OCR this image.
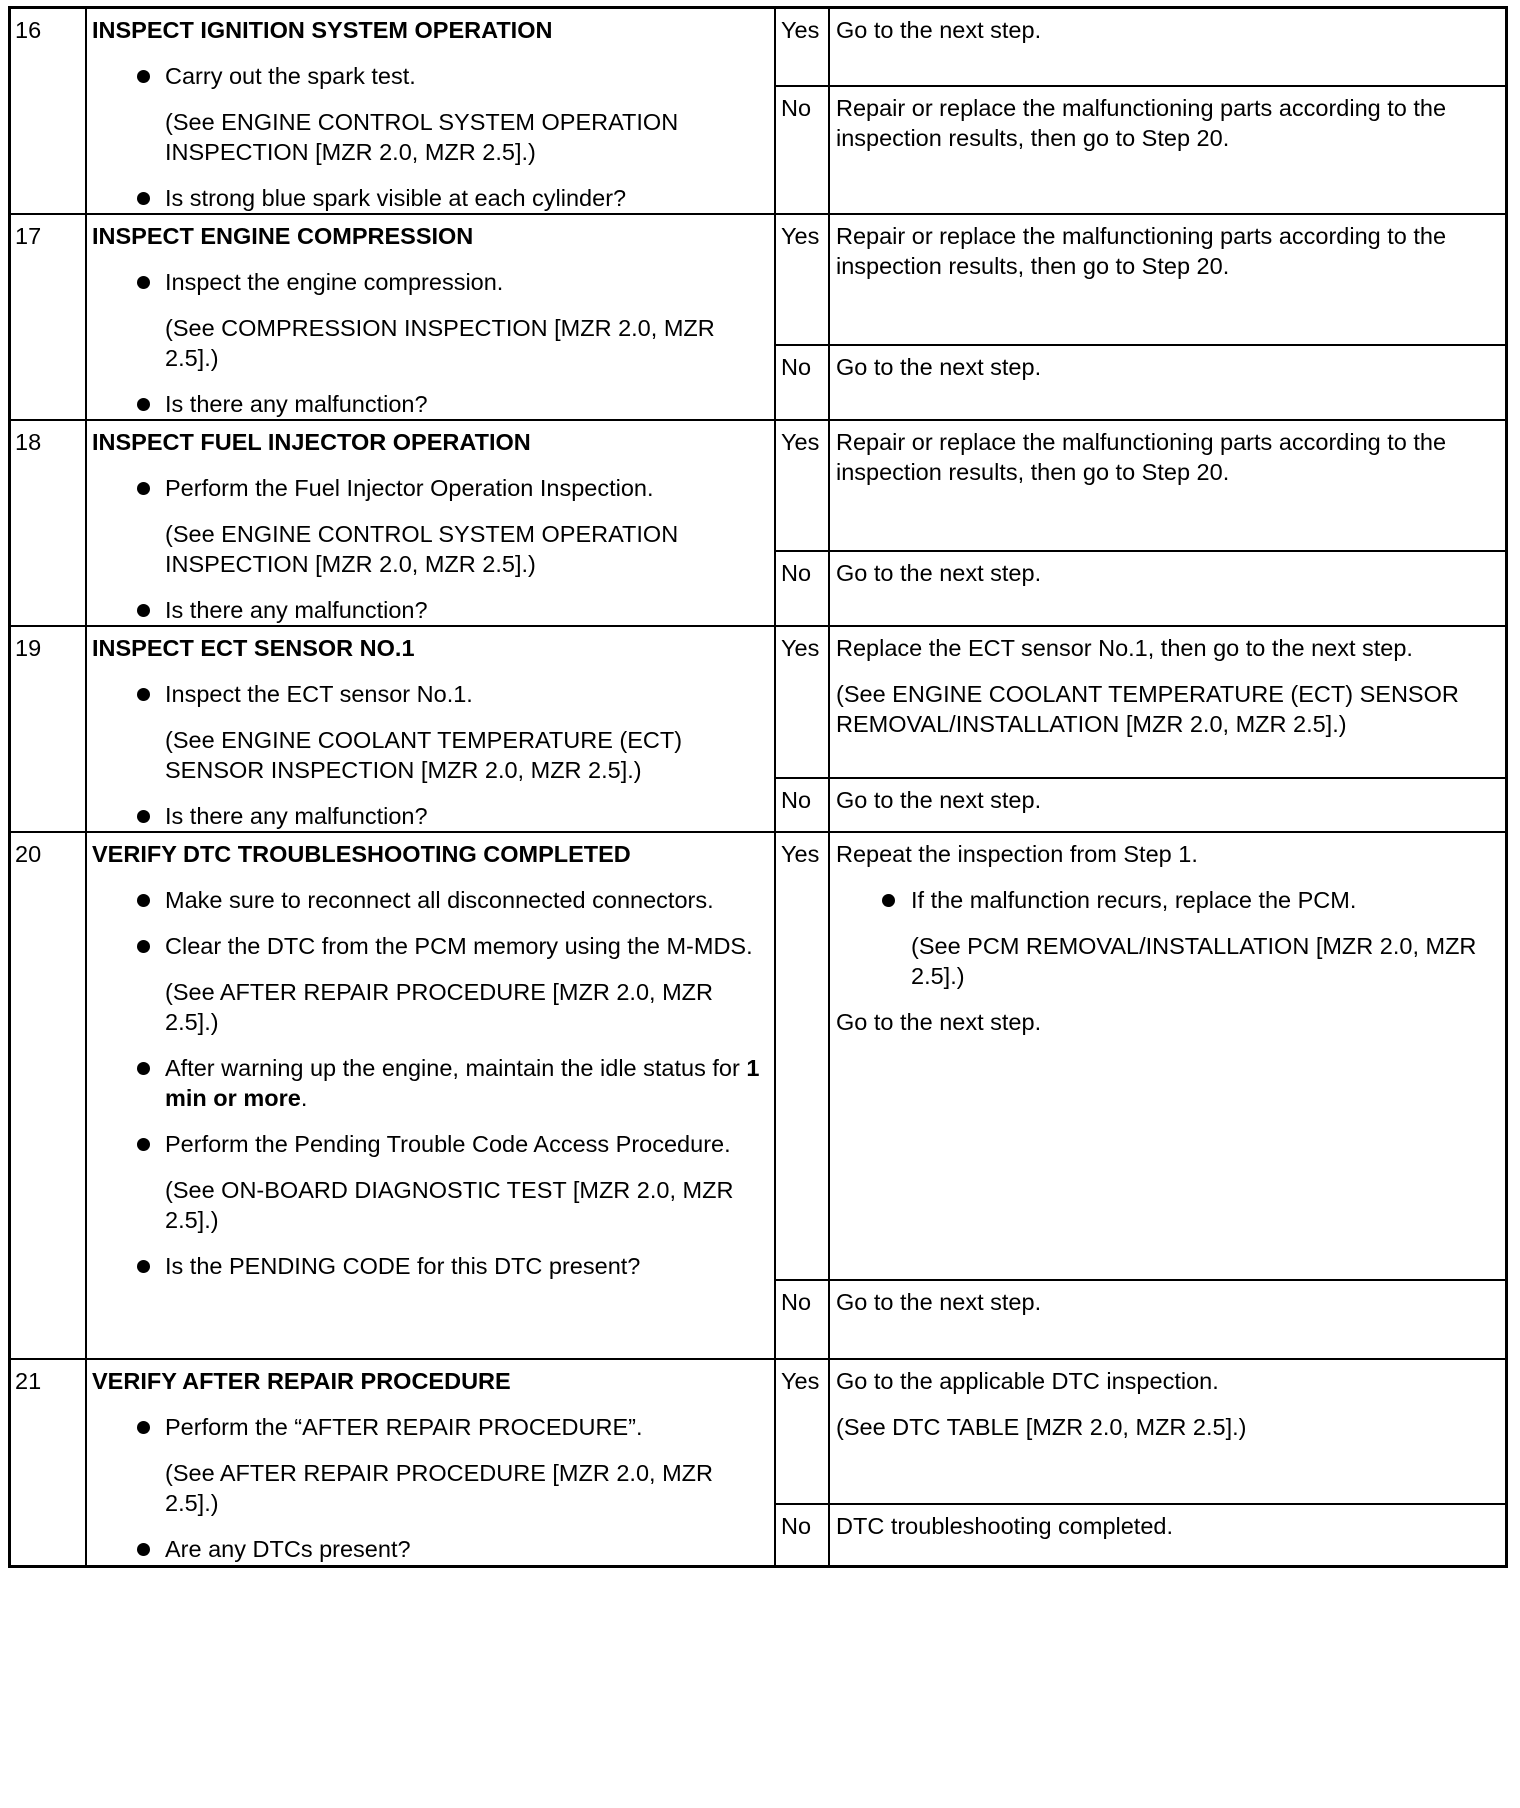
16	INSPECT IGNITION SYSTEM OPERATION
Carry out the spark test.
(See ENGINE CONTROL SYSTEM OPERATION INSPECTION [MZR 2.0, MZR 2.5].)
Is strong blue spark visible at each cylinder?
Yes Go to the next step.
No	Repair or replace the malfunctioning parts according to the inspection results, then go to Step 20.
17	INSPECT ENGINE COMPRESSION
Inspect the engine compression.
(See COMPRESSION INSPECTION [MZR 2.0, MZR 2.5].)
Is there any malfunction?
Yes Repair or replace the malfunctioning parts according to the inspection results, then go to Step 20.
No	Go to the next step.
18	INSPECT FUEL INJECTOR OPERATION
Perform the Fuel Injector Operation Inspection.
(See ENGINE CONTROL SYSTEM OPERATION INSPECTION [MZR 2.0, MZR 2.5].)
Is there any malfunction?
Yes Repair or replace the malfunctioning parts according to the inspection results, then go to Step 20.
No	Go to the next step.
19	INSPECT ECT SENSOR NO.1
Inspect the ECT sensor No.1.
(See ENGINE COOLANT TEMPERATURE (ECT) SENSOR INSPECTION [MZR 2.0, MZR 2.5].)
Is there any malfunction?
Yes Replace the ECT sensor No.1, then go to the next step.
(See ENGINE COOLANT TEMPERATURE (ECT) SENSOR REMOVAL/INSTALLATION [MZR 2.0, MZR 2.5].)
No	Go to the next step.
20	VERIFY DTC TROUBLESHOOTING COMPLETED
Make sure to reconnect all disconnected connectors.
Clear the DTC from the PCM memory using the M-MDS.
(See AFTER REPAIR PROCEDURE [MZR 2.0, MZR 2.5].)
After warning up the engine, maintain the idle status for 1 min or more.
Perform the Pending Trouble Code Access Procedure.
(See ON-BOARD DIAGNOSTIC TEST [MZR 2.0, MZR 2.5].)
Is the PENDING CODE for this DTC present?
Yes Repeat the inspection from Step 1.
If the malfunction recurs, replace the PCM.
(See PCM REMOVAL/INSTALLATION [MZR 2.0, MZR 2.5].)
Go to the next step.
No	Go to the next step.
21	VERIFY AFTER REPAIR PROCEDURE
Perform the “AFTER REPAIR PROCEDURE”.
(See AFTER REPAIR PROCEDURE [MZR 2.0, MZR 2.5].)
Are any DTCs present?
Yes Go to the applicable DTC inspection.
(See DTC TABLE [MZR 2.0, MZR 2.5].)
No	DTC troubleshooting completed.
